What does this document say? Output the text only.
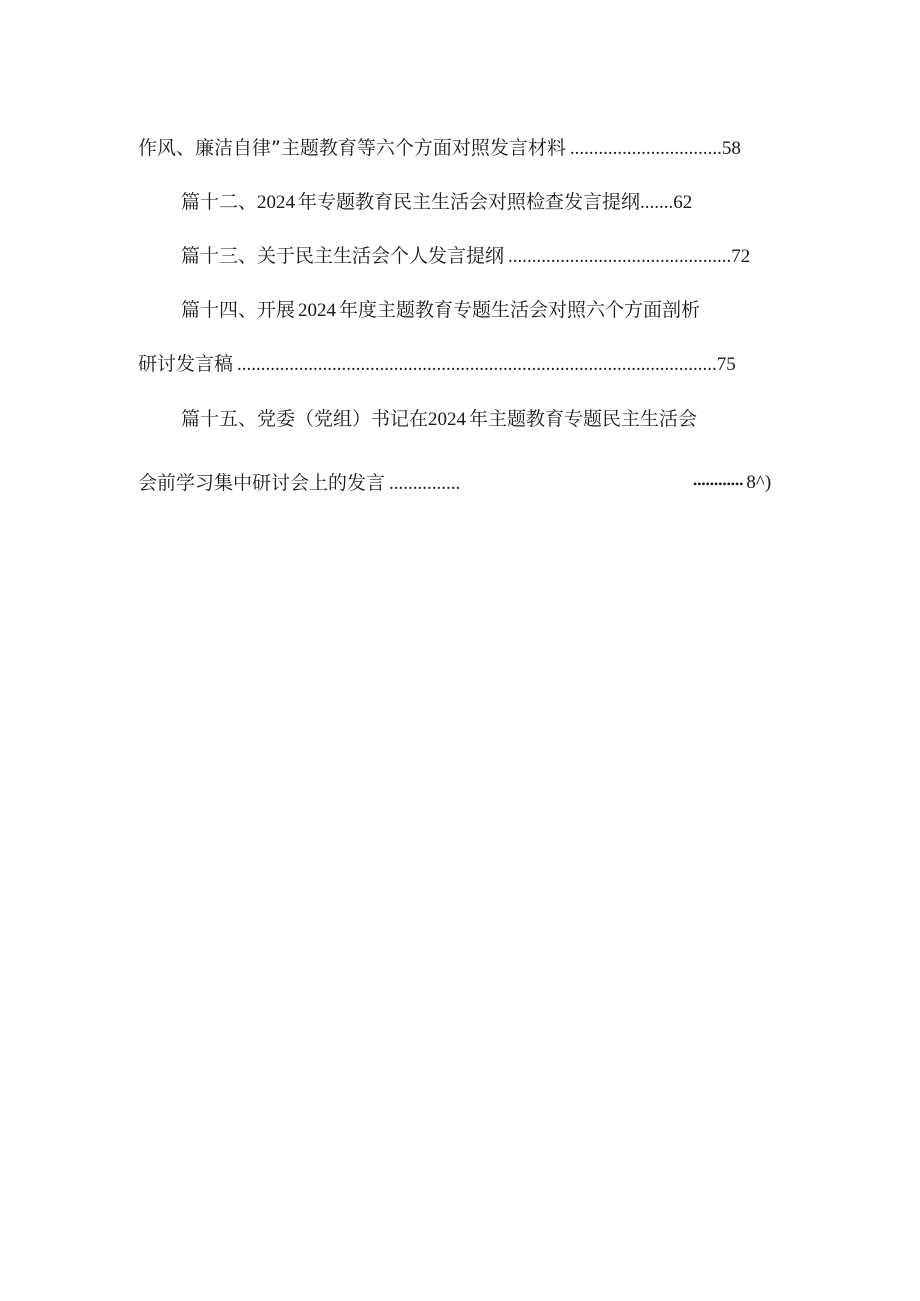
作风、廉洁自律”主题教育等六个方面对照发言材料 ................................58
篇十二、2024 年专题教育民主生活会对照检查发言提纲.......62
篇十三、关于民主生活会个人发言提纲 ...............................................72
篇十四、开展 2024 年度主题教育专题生活会对照六个方面剖析
研讨发言稿 .....................................................................................................75
篇十五、党委（党组）书记在2024 年主题教育专题民主生活会
会前学习集中研讨会上的发言 ...............	•••••••••••• 8^)
